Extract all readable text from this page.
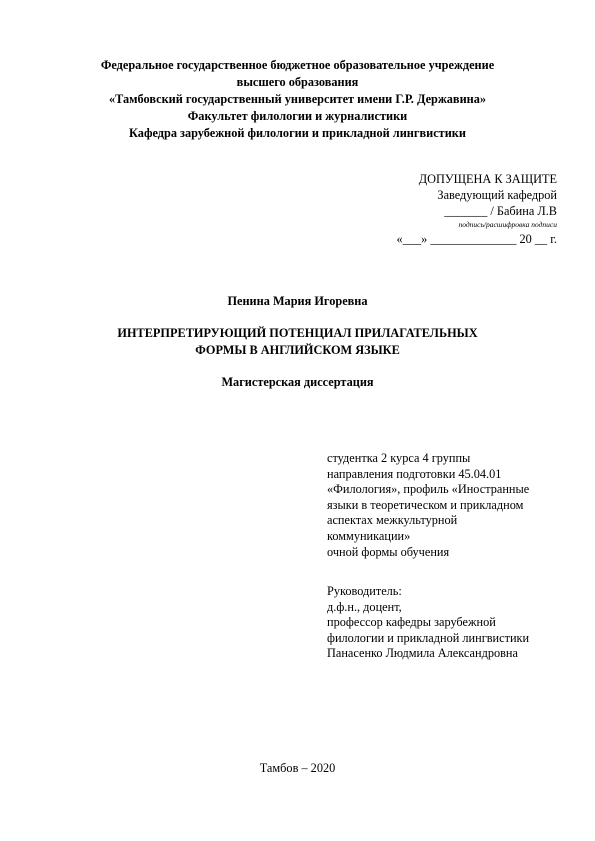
Федеральное государственное бюджетное образовательное учреждение
высшего образования
«Тамбовский государственный университет имени Г.Р. Державина»
Факультет филологии и журналистики
Кафедра зарубежной филологии и прикладной лингвистики
ДОПУЩЕНА К ЗАЩИТЕ
Заведующий кафедрой
_______ / Бабина Л.В
подпись/расшифровка подписи
«___» ______________ 20 __ г.
Пенина Мария Игоревна
ИНТЕРПРЕТИРУЮЩИЙ ПОТЕНЦИАЛ ПРИЛАГАТЕЛЬНЫХ
ФОРМЫ В АНГЛИЙСКОМ ЯЗЫКЕ
Магистерская диссертация
студентка 2 курса 4 группы
направления подготовки 45.04.01
«Филология», профиль «Иностранные
языки в теоретическом и прикладном
аспектах межкультурной
коммуникации»
очной формы обучения
Руководитель:
д.ф.н., доцент,
профессор кафедры зарубежной
филологии и прикладной лингвистики
Панасенко Людмила Александровна
Тамбов – 2020
